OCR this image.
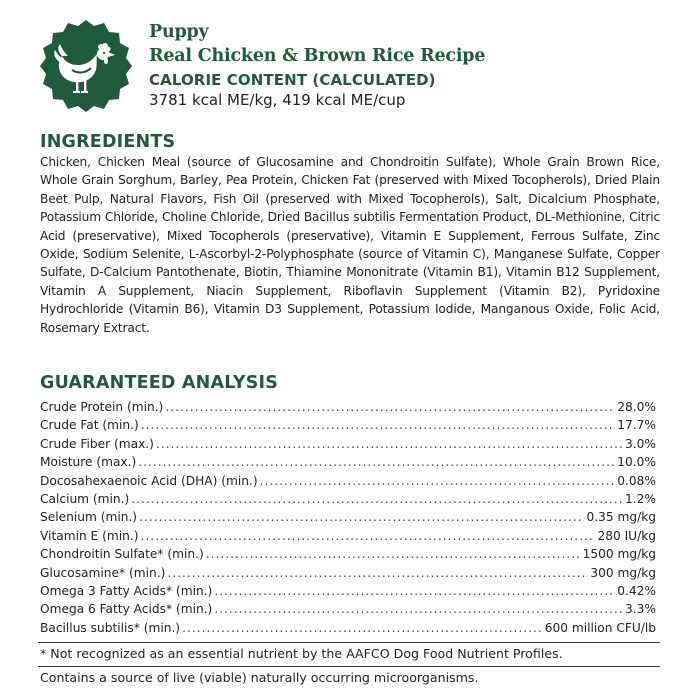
Puppy
Real Chicken & Brown Rice Recipe
CALORIE CONTENT (CALCULATED)
3781 kcal ME/kg, 419 kcal ME/cup
INGREDIENTS
Chicken, Chicken Meal (source of Glucosamine and Chondroitin Sulfate), Whole Grain Brown Rice, Whole Grain Sorghum, Barley, Pea Protein, Chicken Fat (preserved with Mixed Tocopherols), Dried Plain Beet Pulp, Natural Flavors, Fish Oil (preserved with Mixed Tocopherols), Salt, Dicalcium Phosphate, Potassium Chloride, Choline Chloride, Dried Bacillus subtilis Fermentation Product, DL-Methionine, Citric Acid (preservative), Mixed Tocopherols (preservative), Vitamin E Supplement, Ferrous Sulfate, Zinc Oxide, Sodium Selenite, L-Ascorbyl-2-Polyphosphate (source of Vitamin C), Manganese Sulfate, Copper Sulfate, D-Calcium Pantothenate, Biotin, Thiamine Mononitrate (Vitamin B1), Vitamin B12 Supplement, Vitamin A Supplement, Niacin Supplement, Riboflavin Supplement (Vitamin B2), Pyridoxine Hydrochloride (Vitamin B6), Vitamin D3 Supplement, Potassium Iodide, Manganous Oxide, Folic Acid, Rosemary Extract.
GUARANTEED ANALYSIS
Crude Protein (min.) .....	28.0%
Crude Fat (min.) .....	17.7%
Crude Fiber (max.) .....	3.0%
Moisture (max.) .....	10.0%
Docosahexaenoic Acid (DHA) (min.) .....	0.08%
Calcium (min.) .....	1.2%
Selenium (min.) .....	0.35 mg/kg
Vitamin E (min.) .....	280 IU/kg
Chondroitin Sulfate* (min.) .....	1500 mg/kg
Glucosamine* (min.) .....	300 mg/kg
Omega 3 Fatty Acids* (min.) .....	0.42%
Omega 6 Fatty Acids* (min.) .....	3.3%
Bacillus subtilis* (min.) .....	600 million CFU/lb
* Not recognized as an essential nutrient by the AAFCO Dog Food Nutrient Profiles.
Contains a source of live (viable) naturally occurring microorganisms.
